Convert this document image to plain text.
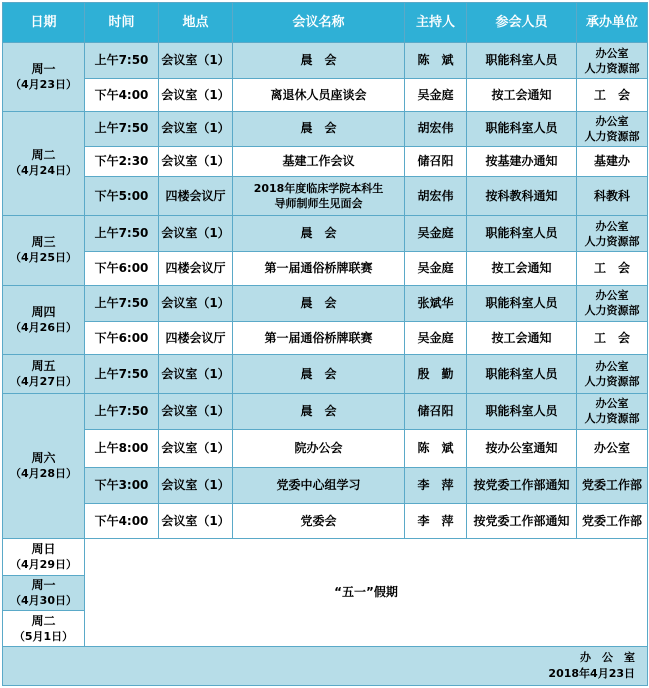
日期	时间	地点	会议名称	主持人	参会人员	承办单位

周一
（4月23日）	上午7:50	会议室（1）	晨　会	陈　斌	职能科室人员	办公室
人力资源部

	下午4:00	会议室（1）	离退休人员座谈会	吴金庭	按工会通知	工　会

周二
（4月24日）	上午7:50	会议室（1）	晨　会	胡宏伟	职能科室人员	办公室
人力资源部

	下午2:30	会议室（1）	基建工作会议	储召阳	按基建办通知	基建办

	下午5:00	四楼会议厅	2018年度临床学院本科生
导师制师生见面会	胡宏伟	按科教科通知	科教科

周三
（4月25日）	上午7:50	会议室（1）	晨　会	吴金庭	职能科室人员	办公室
人力资源部

	下午6:00	四楼会议厅	第一届通俗桥牌联赛	吴金庭	按工会通知	工　会

周四
（4月26日）	上午7:50	会议室（1）	晨　会	张斌华	职能科室人员	办公室
人力资源部

	下午6:00	四楼会议厅	第一届通俗桥牌联赛	吴金庭	按工会通知	工　会

周五
（4月27日）	上午7:50	会议室（1）	晨　会	殷　勤	职能科室人员	办公室
人力资源部

周六
（4月28日）	上午7:50	会议室（1）	晨　会	储召阳	职能科室人员	办公室
人力资源部

	上午8:00	会议室（1）	院办公会	陈　斌	按办公室通知	办公室

	下午3:00	会议室（1）	党委中心组学习	李　萍	按党委工作部通知	党委工作部

	下午4:00	会议室（1）	党委会	李　萍	按党委工作部通知	党委工作部

周日
（4月29日）	“五一”假期					

周一
（4月30日）						

周二
（5月1日）						

办　公　室
2018年4月23日						
